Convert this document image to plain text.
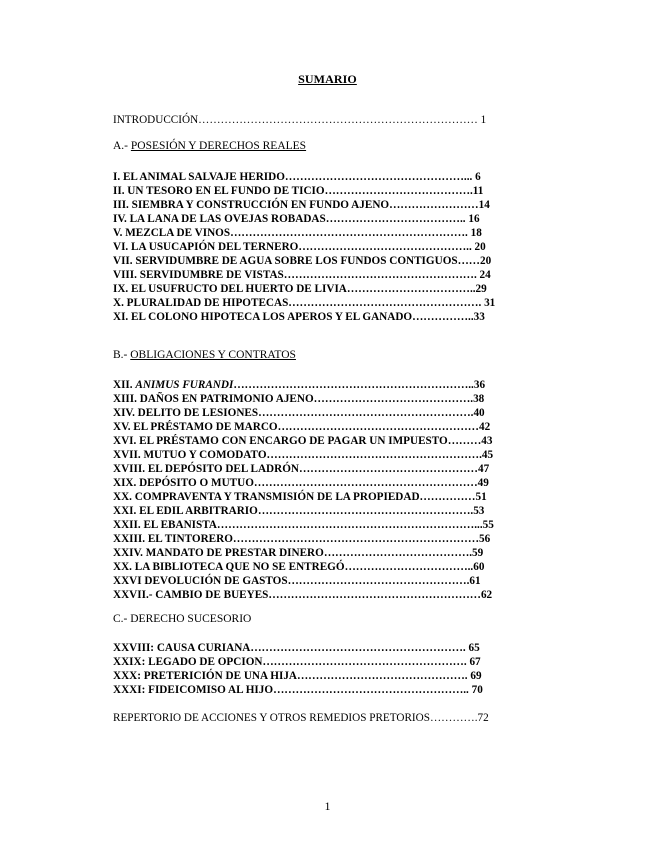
SUMARIO
INTRODUCCIÓN………………………………………………………………… 1
A.- POSESIÓN Y DERECHOS REALES
I. EL ANIMAL SALVAJE HERIDO…………………………………………... 6
II. UN TESORO EN EL FUNDO DE TICIO………………………………….11
III. SIEMBRA Y CONSTRUCCIÓN EN FUNDO AJENO……………………14
IV. LA LANA DE LAS OVEJAS ROBADAS……………………………….. 16
V. MEZCLA DE VINOS………………………………………………………. 18
VI. LA USUCAPIÓN DEL TERNERO……………………………………….. 20
VII. SERVIDUMBRE DE AGUA SOBRE LOS FUNDOS CONTIGUOS……20
VIII. SERVIDUMBRE DE VISTAS……………………………………………. 24
IX. EL USUFRUCTO DEL HUERTO DE LIVIA……………………………..29
X. PLURALIDAD DE HIPOTECAS……………………………………………. 31
XI. EL COLONO HIPOTECA LOS APEROS Y EL GANADO……………..33
B.- OBLIGACIONES Y CONTRATOS
XII. ANIMUS FURANDI………………………………………………………..36
XIII. DAÑOS EN PATRIMONIO AJENO…………………………………….38
XIV. DELITO DE LESIONES………………………………………………….40
XV. EL PRÉSTAMO DE MARCO………………………………………………42
XVI. EL PRÉSTAMO CON ENCARGO DE PAGAR UN IMPUESTO………43
XVII. MUTUO Y COMODATO………………………………………………….45
XVIII. EL DEPÓSITO DEL LADRÓN…………………………………………47
XIX. DEPÓSITO O MUTUO……………………………………………………49
XX. COMPRAVENTA Y TRANSMISIÓN DE LA PROPIEDAD……………51
XXI. EL EDIL ARBITRARIO………………………………………………….53
XXII. EL EBANISTA……………………………………………………………...55
XXIII. EL TINTORERO…………………………………………………………56
XXIV. MANDATO DE PRESTAR DINERO………………………………….59
XX. LA BIBLIOTECA QUE NO SE ENTREGÓ……………………………..60
XXVI DEVOLUCIÓN DE GASTOS………………………………………….61
XXVII.- CAMBIO DE BUEYES…………………………………………………62
C.- DERECHO SUCESORIO
XXVIII: CAUSA CURIANA…………………………………………………. 65
XXIX: LEGADO DE OPCION………………………………………………. 67
XXX: PRETERICIÓN DE UNA HIJA………………………………………. 69
XXXI: FIDEICOMISO AL HIJO…………………………………………….. 70
REPERTORIO DE ACCIONES Y OTROS REMEDIOS PRETORIOS………….72
1
